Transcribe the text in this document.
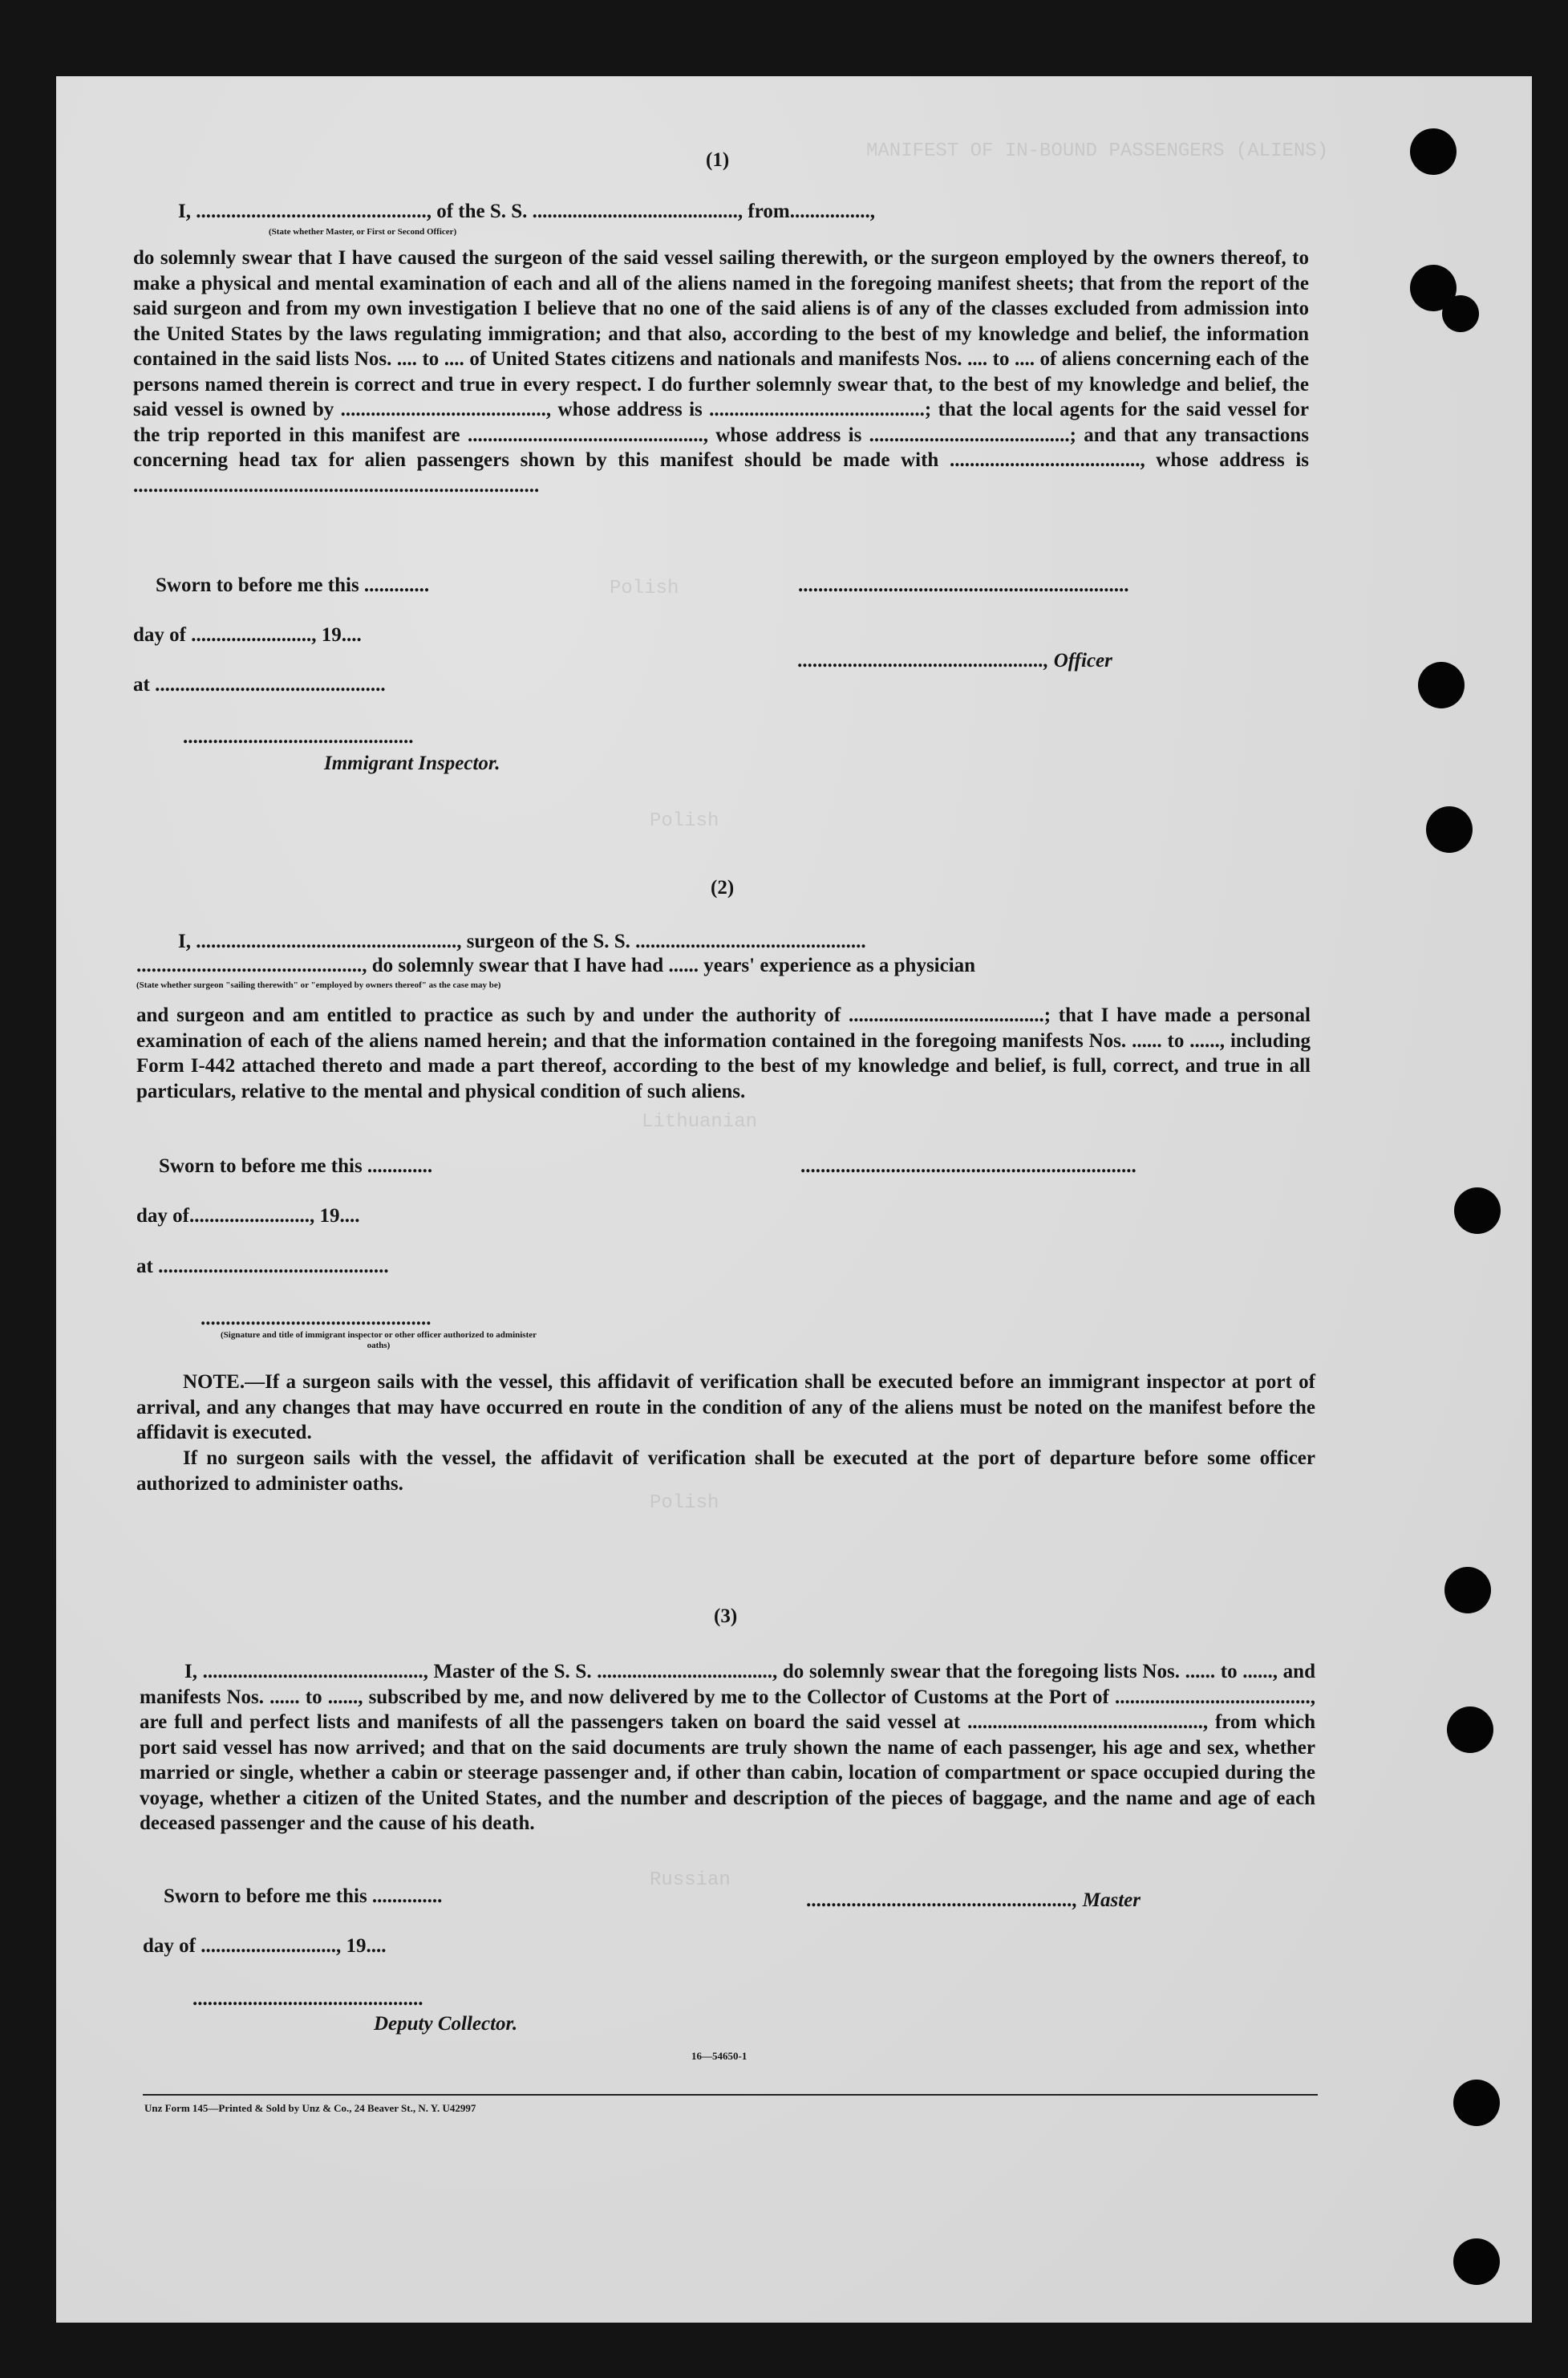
MANIFEST OF IN-BOUND PASSENGERS (ALIENS)
Polish
Polish
Lithuanian
Polish
Russian
(1)
I, .............................................., of the S. S. ........................................., from................,
(State whether Master, or First or Second Officer)
do solemnly swear that I have caused the surgeon of the said vessel sailing therewith, or the surgeon employed by the owners thereof, to make a physical and mental examination of each and all of the aliens named in the foregoing manifest sheets; that from the report of the said surgeon and from my own investigation I believe that no one of the said aliens is of any of the classes excluded from admission into the United States by the laws regulating immigration; and that also, according to the best of my knowledge and belief, the information contained in the said lists Nos. .... to .... of United States citizens and nationals and manifests Nos. .... to .... of aliens concerning each of the persons named therein is correct and true in every respect. I do further solemnly swear that, to the best of my knowledge and belief, the said vessel is owned by ........................................., whose address is ...........................................; that the local agents for the said vessel for the trip reported in this manifest are ..............................................., whose address is ........................................; and that any transactions concerning head tax for alien passengers shown by this manifest should be made with ......................................, whose address is .................................................................................
Sworn to before me this .............
day of ........................, 19....
at ..............................................
..............................................
Immigrant Inspector.
..................................................................
................................................., Officer
(2)
I, ...................................................., surgeon of the S. S. ..............................................
............................................., do solemnly swear that I have had ...... years' experience as a physician
(State whether surgeon "sailing therewith" or "employed by owners thereof" as the case may be)
and surgeon and am entitled to practice as such by and under the authority of .......................................; that I have made a personal examination of each of the aliens named herein; and that the information contained in the foregoing manifests Nos. ...... to ......, including Form I-442 attached thereto and made a part thereof, according to the best of my knowledge and belief, is full, correct, and true in all particulars, relative to the mental and physical condition of such aliens.
Sworn to before me this .............
day of........................, 19....
at ..............................................
..............................................
(Signature and title of immigrant inspector or other officer authorized to administer oaths)
...................................................................
NOTE.—If a surgeon sails with the vessel, this affidavit of verification shall be executed before an immigrant inspector at port of arrival, and any changes that may have occurred en route in the condition of any of the aliens must be noted on the manifest before the affidavit is executed.
If no surgeon sails with the vessel, the affidavit of verification shall be executed at the port of departure before some officer authorized to administer oaths.
(3)
I, ............................................, Master of the S. S. ..................................., do solemnly swear that the foregoing lists Nos. ...... to ......, and manifests Nos. ...... to ......, subscribed by me, and now delivered by me to the Collector of Customs at the Port of ......................................., are full and perfect lists and manifests of all the passengers taken on board the said vessel at ..............................................., from which port said vessel has now arrived; and that on the said documents are truly shown the name of each passenger, his age and sex, whether married or single, whether a cabin or steerage passenger and, if other than cabin, location of compartment or space occupied during the voyage, whether a citizen of the United States, and the number and description of the pieces of baggage, and the name and age of each deceased passenger and the cause of his death.
Sworn to before me this ..............
day of ..........................., 19....
..............................................
Deputy Collector.
....................................................., Master
16—54650-1
Unz Form 145—Printed & Sold by Unz & Co., 24 Beaver St., N. Y. U42997
